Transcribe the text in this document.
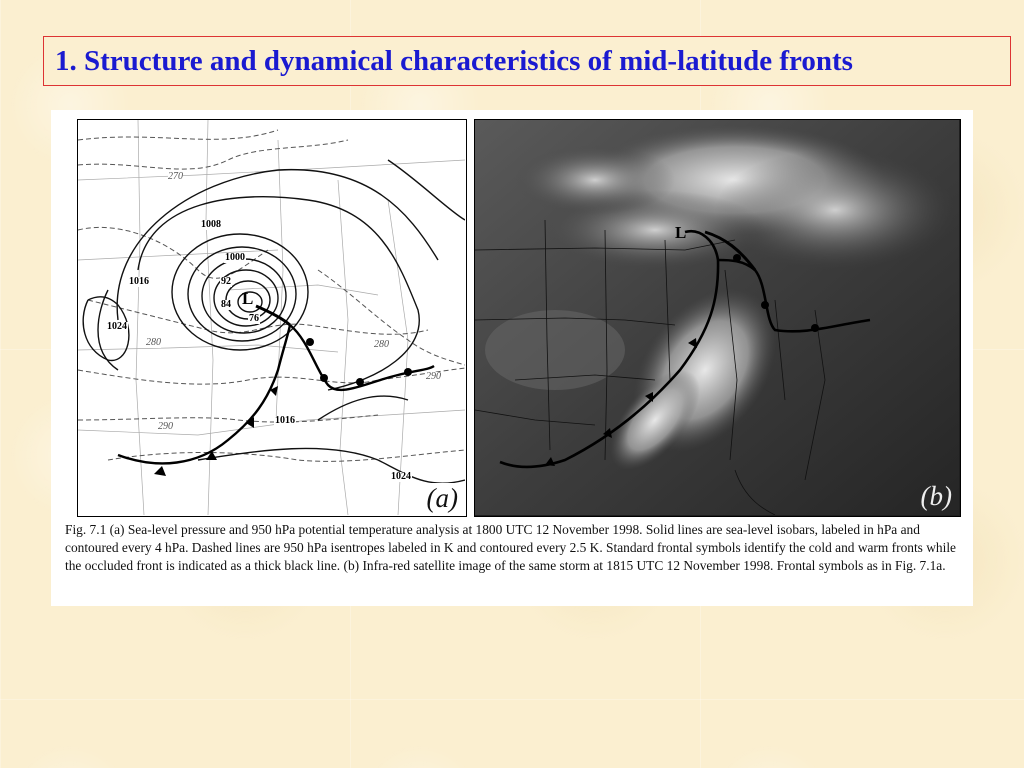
1. Structure and dynamical characteristics of mid-latitude fronts
1008
1000
92
84
76
1016
1024
1016
1024
270
280	280
290
290
L
(a)
L
(b)

Fig. 7.1 (a) Sea-level pressure and 950 hPa potential temperature analysis at 1800 UTC 12 November 1998. Solid lines are sea-level isobars, labeled in hPa and contoured every 4 hPa. Dashed lines are 950 hPa isentropes labeled in K and contoured every 2.5 K. Standard frontal symbols identify the cold and warm fronts while the occluded front is indicated as a thick black line. (b) Infra-red satellite image of the same storm at 1815 UTC 12 November 1998. Frontal symbols as in Fig. 7.1a.
